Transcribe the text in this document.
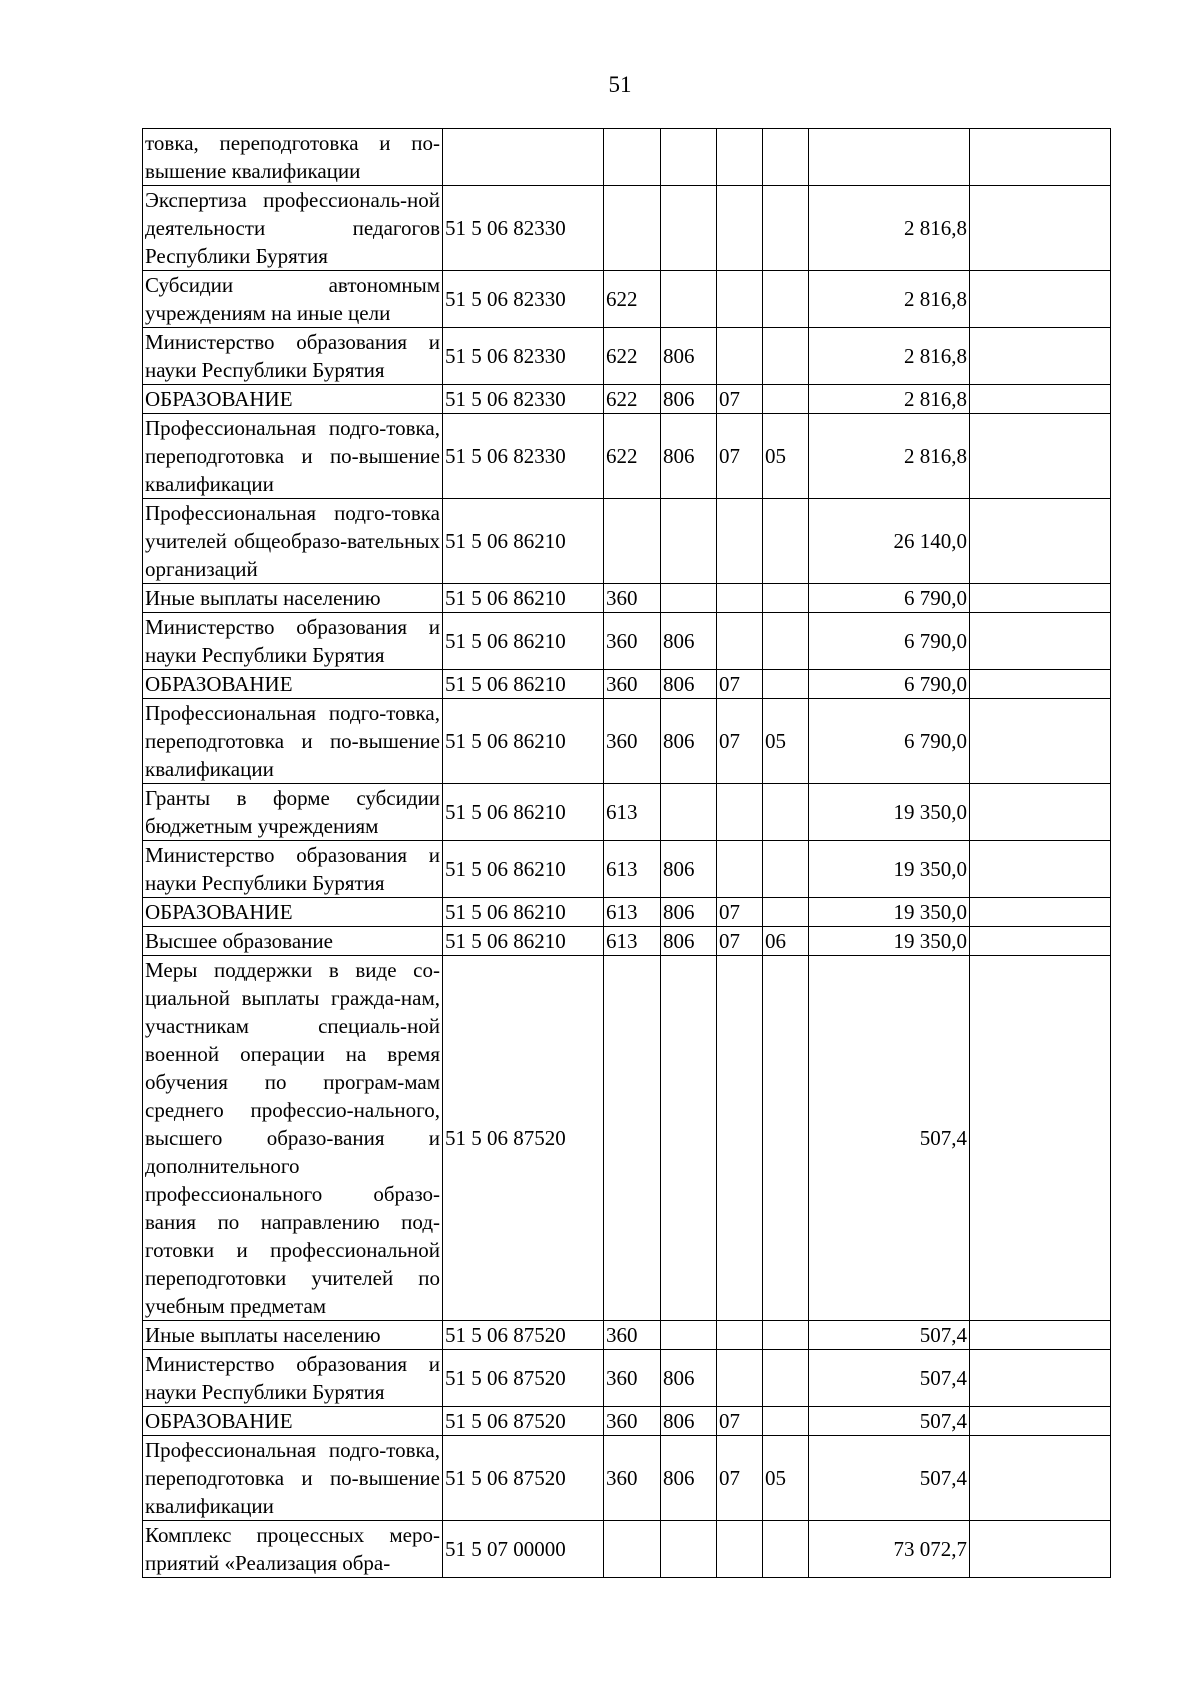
51
товка, переподготовка и по-вышение квалификации							
Экспертиза профессиональ-ной деятельности педагогов Республики Бурятия	51 5 06 82330					2 816,8	
Субсидии автономным учреждениям на иные цели	51 5 06 82330	622				2 816,8	
Министерство образования и науки Республики Бурятия	51 5 06 82330	622	806			2 816,8	
ОБРАЗОВАНИЕ	51 5 06 82330	622	806	07		2 816,8	
Профессиональная подго-товка, переподготовка и по-вышение квалификации	51 5 06 82330	622	806	07	05	2 816,8	
Профессиональная подго-товка учителей общеобразо-вательных организаций	51 5 06 86210					26 140,0	
Иные выплаты населению	51 5 06 86210	360				6 790,0	
Министерство образования и науки Республики Бурятия	51 5 06 86210	360	806			6 790,0	
ОБРАЗОВАНИЕ	51 5 06 86210	360	806	07		6 790,0	
Профессиональная подго-товка, переподготовка и по-вышение квалификации	51 5 06 86210	360	806	07	05	6 790,0	
Гранты в форме субсидии бюджетным учреждениям	51 5 06 86210	613				19 350,0	
Министерство образования и науки Республики Бурятия	51 5 06 86210	613	806			19 350,0	
ОБРАЗОВАНИЕ	51 5 06 86210	613	806	07		19 350,0	
Высшее образование	51 5 06 86210	613	806	07	06	19 350,0	
Меры поддержки в виде со-циальной выплаты гражда-нам, участникам специаль-ной военной операции на время обучения по програм-мам среднего профессио-нального, высшего образо-вания и дополнительного профессионального образо-вания по направлению под-готовки и профессиональной переподготовки учителей по учебным предметам	51 5 06 87520					507,4	
Иные выплаты населению	51 5 06 87520	360				507,4	
Министерство образования и науки Республики Бурятия	51 5 06 87520	360	806			507,4	
ОБРАЗОВАНИЕ	51 5 06 87520	360	806	07		507,4	
Профессиональная подго-товка, переподготовка и по-вышение квалификации	51 5 06 87520	360	806	07	05	507,4	
Комплекс процессных меро-приятий «Реализация обра-	51 5 07 00000					73 072,7	
